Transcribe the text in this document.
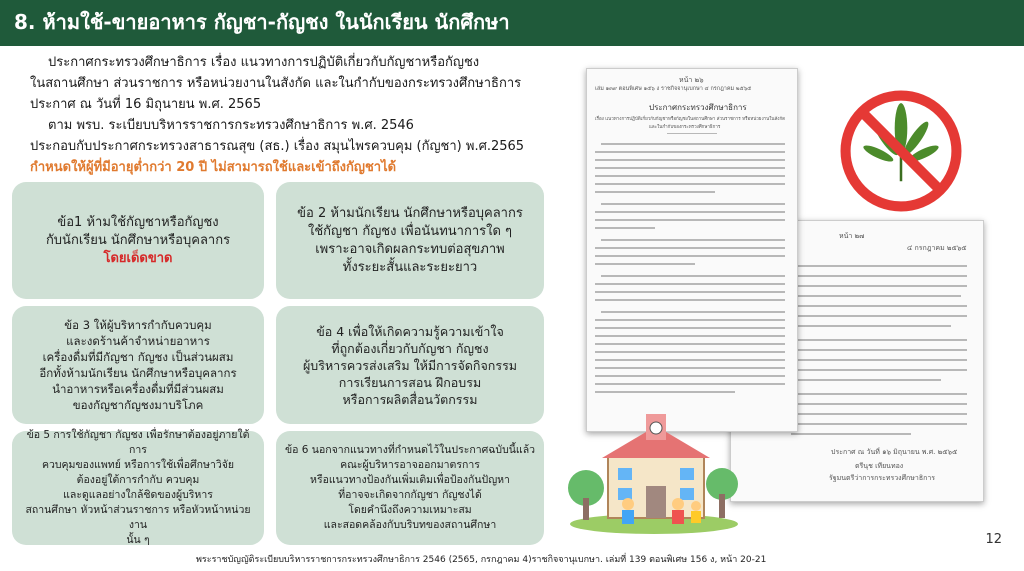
8. ห้ามใช้-ขายอาหาร กัญชา-กัญชง ในนักเรียน นักศึกษา

ประกาศกระทรวงศึกษาธิการ เรื่อง แนวทางการปฏิบัติเกี่ยวกับกัญชาหรือกัญชง

ในสถานศึกษา ส่วนราชการ หรือหน่วยงานในสังกัด และในกำกับของกระทรวงศึกษาธิการ

ประกาศ ณ วันที่ 16 มิถุนายน พ.ศ. 2565

ตาม พรบ. ระเบียบบริหารราชการกระทรวงศึกษาธิการ พ.ศ. 2546

ประกอบกับประกาศกระทรวงสาธารณสุข (สธ.) เรื่อง สมุนไพรควบคุม (กัญชา) พ.ศ.2565

กำหนดให้ผู้ที่มีอายุต่ำกว่า 20 ปี ไม่สามารถใช้และเข้าถึงกัญชาได้

ข้อ1 ห้ามใช้กัญชาหรือกัญชง
กับนักเรียน นักศึกษาหรือบุคลากร
โดยเด็ดขาด
ข้อ 2 ห้ามนักเรียน นักศึกษาหรือบุคลากร
ใช้กัญชา กัญชง เพื่อนันทนาการใด ๆ
เพราะอาจเกิดผลกระทบต่อสุขภาพ
ทั้งระยะสั้นและระยะยาว
ข้อ 3 ให้ผู้บริหารกำกับควบคุม
และงดร้านค้าจำหน่ายอาหาร
เครื่องดื่มที่มีกัญชา กัญชง เป็นส่วนผสม
อีกทั้งห้ามนักเรียน นักศึกษาหรือบุคลากร
นำอาหารหรือเครื่องดื่มที่มีส่วนผสม
ของกัญชากัญชงมาบริโภค
ข้อ 4 เพื่อให้เกิดความรู้ความเข้าใจ
ที่ถูกต้องเกี่ยวกับกัญชา กัญชง
ผู้บริหารควรส่งเสริม ให้มีการจัดกิจกรรม
การเรียนการสอน ฝึกอบรม
หรือการผลิตสื่อนวัตกรรม
ข้อ 5 การใช้กัญชา กัญชง เพื่อรักษาต้องอยู่ภายใต้การ
ควบคุมของแพทย์ หรือการใช้เพื่อศึกษาวิจัย
ต้องอยู่ใต้การกำกับ ควบคุม
และดูแลอย่างใกล้ชิดของผู้บริหาร
สถานศึกษา หัวหน้าส่วนราชการ หรือหัวหน้าหน่วยงาน
นั้น ๆ
ข้อ 6 นอกจากแนวทางที่กำหนดไว้ในประกาศฉบับนี้แล้ว
คณะผู้บริหารอาจออกมาตรการ
หรือแนวทางป้องกันเพิ่มเติมเพื่อป้องกันปัญหา
ที่อาจจะเกิดจากกัญชา กัญชงได้
โดยคำนึงถึงความเหมาะสม
และสอดคล้องกับบริบทของสถานศึกษา
หน้า ๒๗
๔ กรกฎาคม ๒๕๖๕
ประกาศ ณ วันที่ ๑๖ มิถุนายน พ.ศ. ๒๕๖๕
ตรีนุช เทียนทอง
รัฐมนตรีว่าการกระทรวงศึกษาธิการ
หน้า ๒๖
เล่ม ๑๓๙ ตอนพิเศษ ๑๕๖ ง ราชกิจจานุเบกษา ๔ กรกฎาคม ๒๕๖๕
ประกาศกระทรวงศึกษาธิการ
เรื่อง แนวทางการปฏิบัติเกี่ยวกับกัญชาหรือกัญชงในสถานศึกษา ส่วนราชการ หรือหน่วยงานในสังกัด
และในกำกับของกระทรวงศึกษาธิการ
พระราชบัญญัติระเบียบบริหารราชการกระทรวงศึกษาธิการ 2546 (2565, กรกฎาคม 4)ราชกิจจานุเบกษา. เล่มที่ 139 ตอนพิเศษ 156 ง, หน้า 20-21
12
